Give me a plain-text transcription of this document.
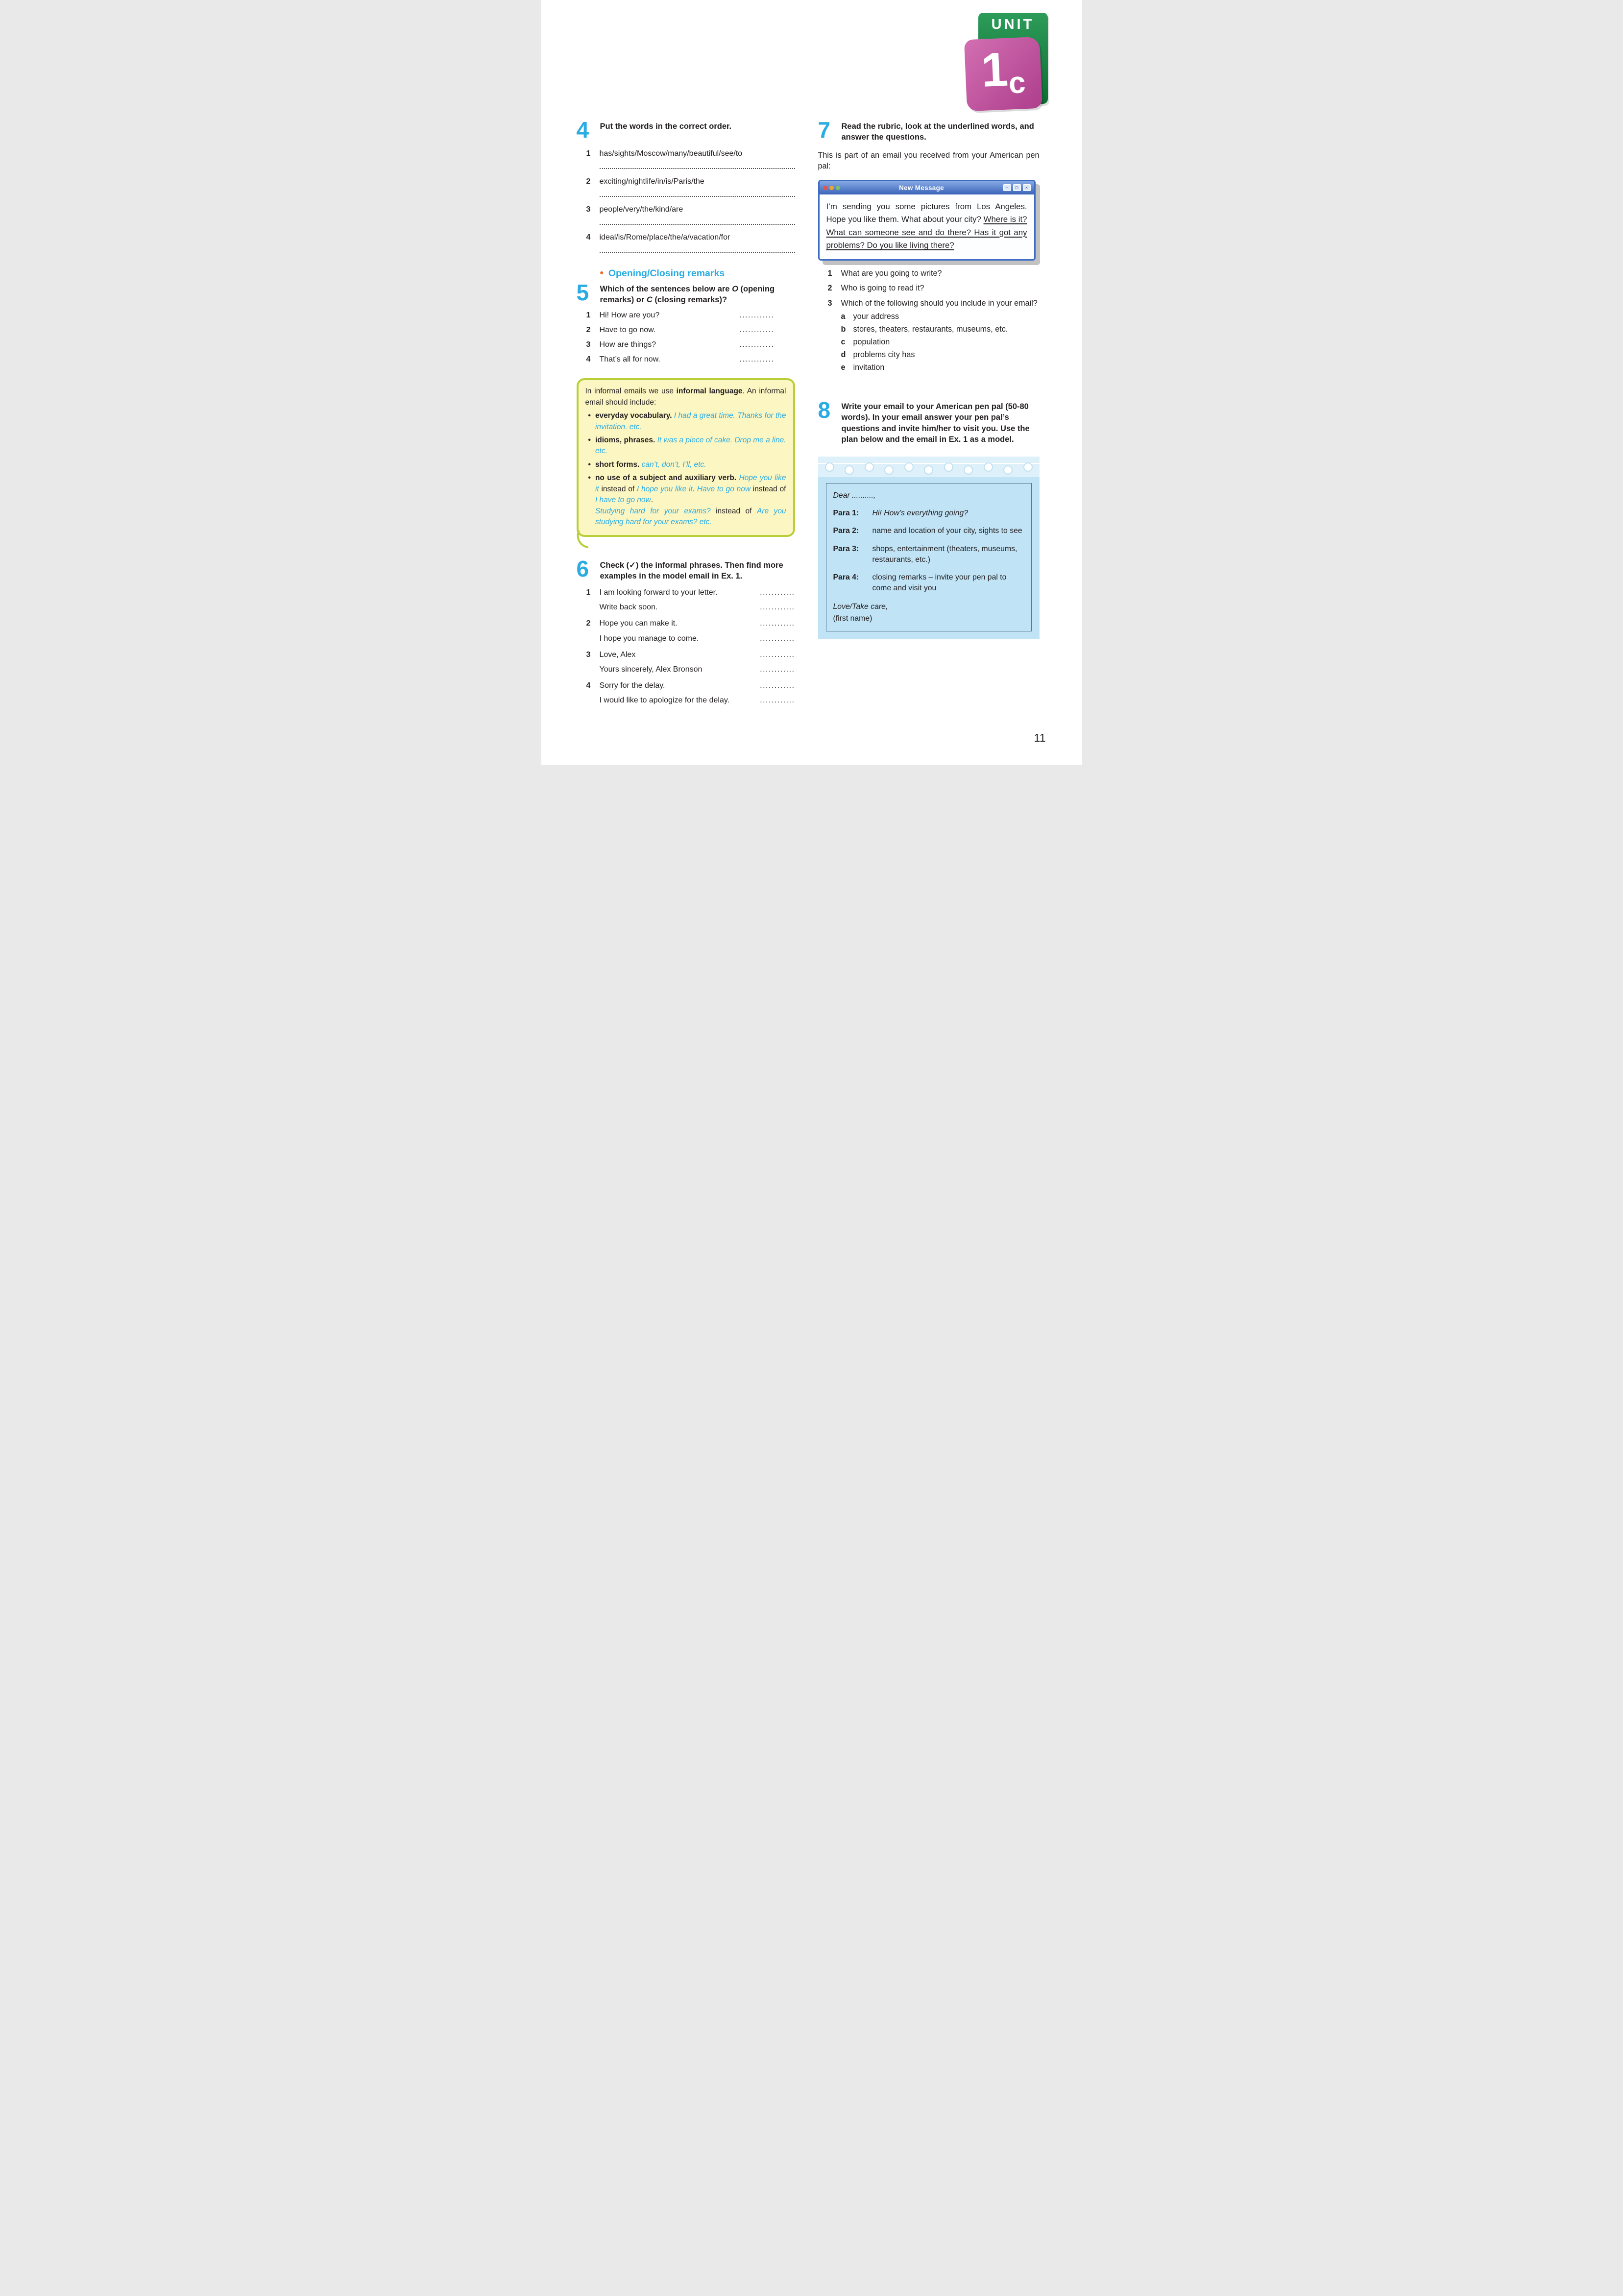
UNIT
1
c
4	Put the words in the correct order.
1	has/sights/Moscow/many/beautiful/see/to
2	exciting/nightlife/in/is/Paris/the
3	people/very/the/kind/are
4	ideal/is/Rome/place/the/a/vacation/for
• Opening/Closing remarks
5	Which of the sentences below are O (opening remarks) or C (closing remarks)?
1	Hi! How are you?	............
2	Have to go now.	............
3	How are things?	............
4	That’s all for now.	............

In informal emails we use informal language. An informal email should include:

• everyday vocabulary. I had a great time. Thanks for the invitation. etc.
• idioms, phrases. It was a piece of cake. Drop me a line. etc.
• short forms. can’t, don’t, I’ll, etc.
• no use of a subject and auxiliary verb. Hope you like it instead of I hope you like it. Have to go now instead of I have to go now.
Studying hard for your exams? instead of Are you studying hard for your exams? etc.
6	Check (✓) the informal phrases. Then find more examples in the model email in Ex. 1.
1	I am looking forward to your letter.	............
Write back soon.	............
2	Hope you can make it.	............
I hope you manage to come.	............
3	Love, Alex	............
Yours sincerely, Alex Bronson	............
4	Sorry for the delay.	............
I would like to apologize for the delay.	............
7	Read the rubric, look at the underlined words, and answer the questions.

This is part of an email you received from your American pen pal:

New Message	−	□	×
I’m sending you some pictures from Los Angeles. Hope you like them. What about your city? Where is it? What can someone see and do there? Has it got any problems? Do you like living there?
1	What are you going to write?
2	Who is going to read it?
3	Which of the following should you include in your email?
a your address
b stores, theaters, restaurants, museums, etc.
c population
d problems city has
e invitation
8	Write your email to your American pen pal (50-80 words). In your email answer your pen pal’s questions and invite him/her to visit you. Use the plan below and the email in Ex. 1 as a model.

Dear ..........,

Para 1:	Hi! How’s everything going?
Para 2:	name and location of your city, sights to see
Para 3:	shops, entertainment (theaters, museums, restaurants, etc.)
Para 4:	closing remarks – invite your pen pal to come and visit you

Love/Take care,

(first name)

11
